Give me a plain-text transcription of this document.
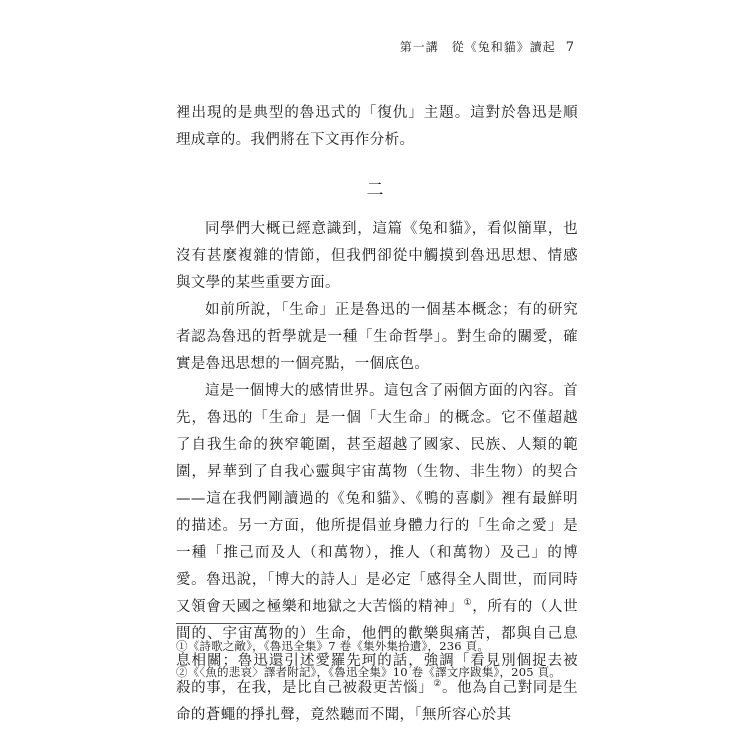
第一講　從《兔和貓》讀起 7
裡出現的是典型的魯迅式的「復仇」主題。這對於魯迅是順理成章的。我們將在下文再作分析。
二

同學們大概已經意識到，這篇《兔和貓》，看似簡單，也沒有甚麼複雜的情節，但我們卻從中觸摸到魯迅思想、情感與文學的某些重要方面。

如前所說，「生命」正是魯迅的一個基本概念；有的研究者認為魯迅的哲學就是一種「生命哲學」。對生命的關愛，確實是魯迅思想的一個亮點，一個底色。

這是一個博大的感情世界。這包含了兩個方面的內容。首先，魯迅的「生命」是一個「大生命」的概念。它不僅超越了自我生命的狹窄範圍，甚至超越了國家、民族、人類的範圍，昇華到了自我心靈與宇宙萬物（生物、非生物）的契合——這在我們剛讀過的《兔和貓》、《鴨的喜劇》裡有最鮮明的描述。另一方面，他所提倡並身體力行的「生命之愛」是一種「推己而及人（和萬物），推人（和萬物）及己」的博愛。魯迅說，「博大的詩人」是必定「感得全人間世，而同時又領會天國之極樂和地獄之大苦惱的精神」①，所有的（人世間的、宇宙萬物的）生命，他們的歡樂與痛苦，都與自己息息相關；魯迅還引述愛羅先珂的話，強調「看見別個捉去被殺的事，在我，是比自己被殺更苦惱」②。他為自己對同是生命的蒼蠅的掙扎聲，竟然聽而不聞，「無所容心於其

①《詩歌之敵》，《魯迅全集》7 卷《集外集拾遺》，236 頁。
②《〈魚的悲哀〉譯者附記》，《魯迅全集》10 卷《譯文序跋集》，205 頁。
